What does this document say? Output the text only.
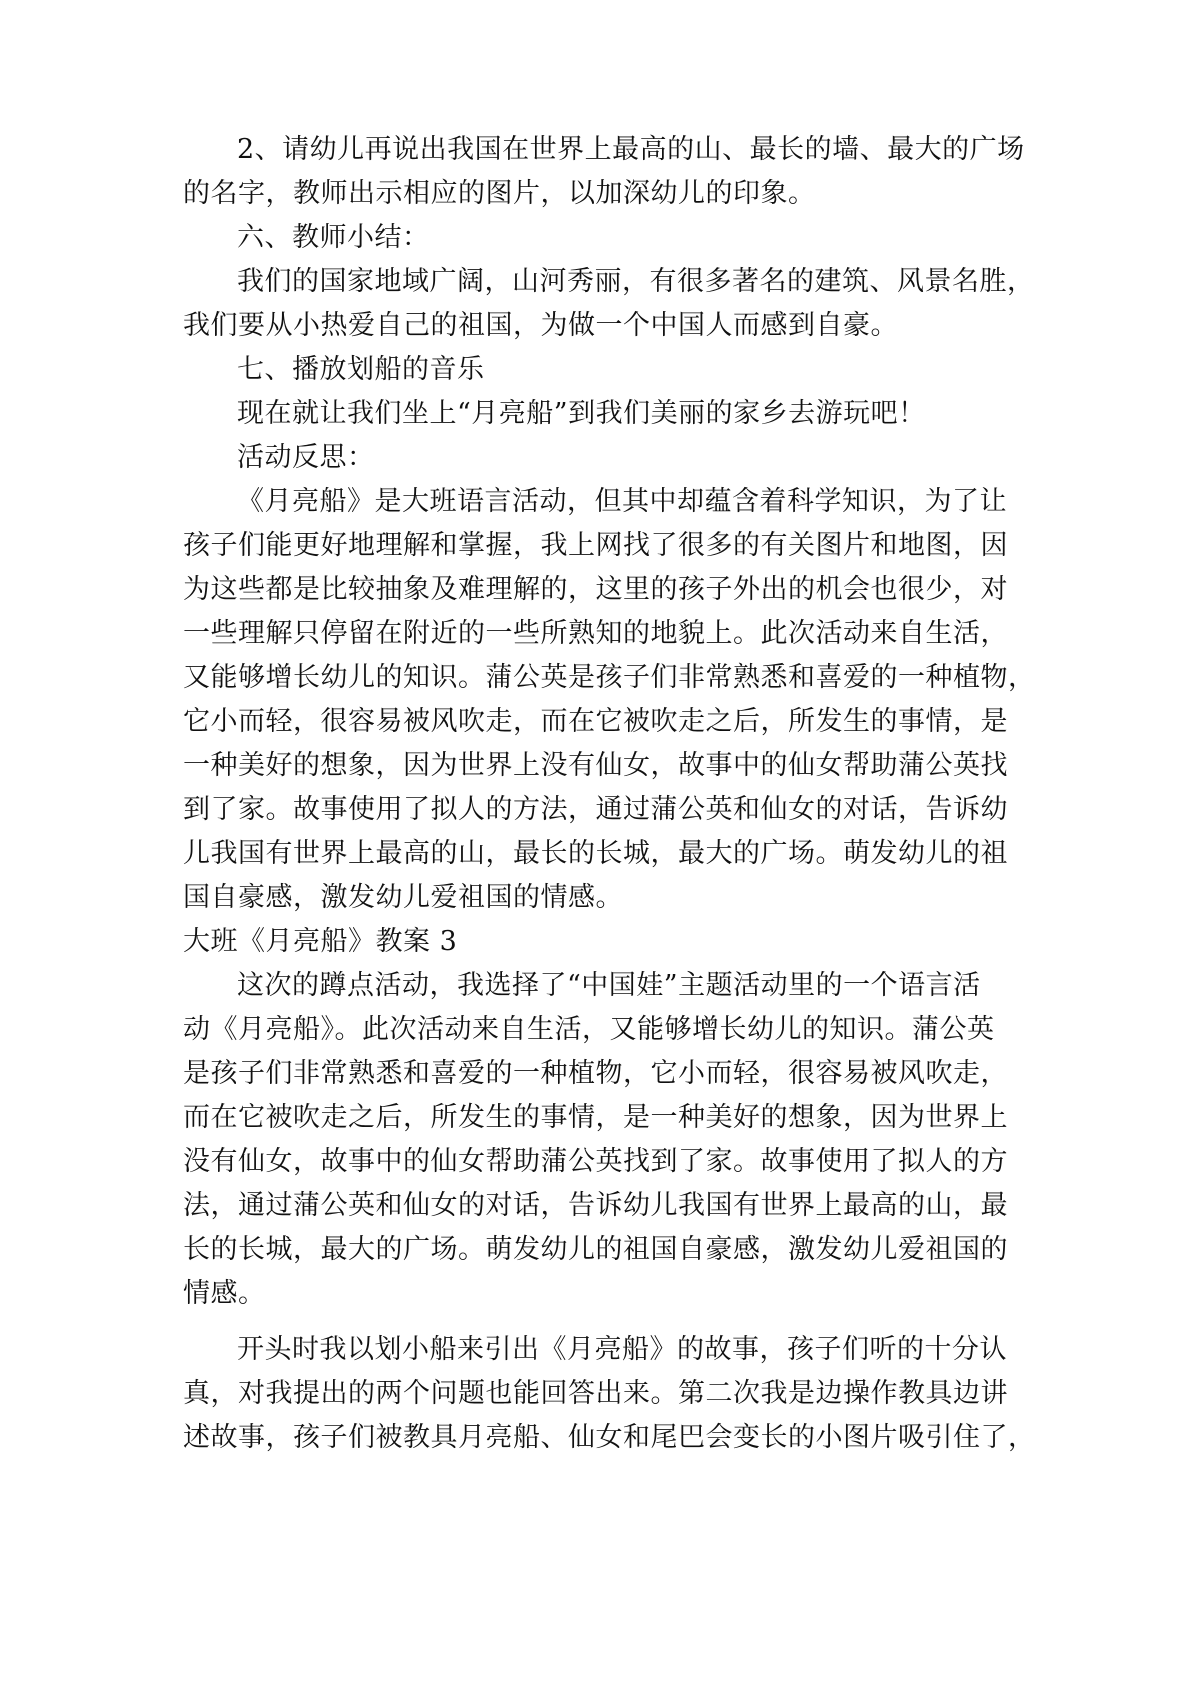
2、请幼儿再说出我国在世界上最高的山、最长的墙、最大的广场
的名字，教师出示相应的图片，以加深幼儿的印象。
六、教师小结：
我们的国家地域广阔，山河秀丽，有很多著名的建筑、风景名胜，
我们要从小热爱自己的祖国，为做一个中国人而感到自豪。
七、播放划船的音乐
现在就让我们坐上“月亮船”到我们美丽的家乡去游玩吧！
活动反思：
《月亮船》是大班语言活动，但其中却蕴含着科学知识，为了让
孩子们能更好地理解和掌握，我上网找了很多的有关图片和地图，因
为这些都是比较抽象及难理解的，这里的孩子外出的机会也很少，对
一些理解只停留在附近的一些所熟知的地貌上。此次活动来自生活，
又能够增长幼儿的知识。蒲公英是孩子们非常熟悉和喜爱的一种植物，
它小而轻，很容易被风吹走，而在它被吹走之后，所发生的事情，是
一种美好的想象，因为世界上没有仙女，故事中的仙女帮助蒲公英找
到了家。故事使用了拟人的方法，通过蒲公英和仙女的对话，告诉幼
儿我国有世界上最高的山，最长的长城，最大的广场。萌发幼儿的祖
国自豪感，激发幼儿爱祖国的情感。
大班《月亮船》教案 3
这次的蹲点活动，我选择了“中国娃”主题活动里的一个语言活
动《月亮船》。此次活动来自生活，又能够增长幼儿的知识。蒲公英
是孩子们非常熟悉和喜爱的一种植物，它小而轻，很容易被风吹走，
而在它被吹走之后，所发生的事情，是一种美好的想象，因为世界上
没有仙女，故事中的仙女帮助蒲公英找到了家。故事使用了拟人的方
法，通过蒲公英和仙女的对话，告诉幼儿我国有世界上最高的山，最
长的长城，最大的广场。萌发幼儿的祖国自豪感，激发幼儿爱祖国的
情感。
开头时我以划小船来引出《月亮船》的故事，孩子们听的十分认
真，对我提出的两个问题也能回答出来。第二次我是边操作教具边讲
述故事，孩子们被教具月亮船、仙女和尾巴会变长的小图片吸引住了，
